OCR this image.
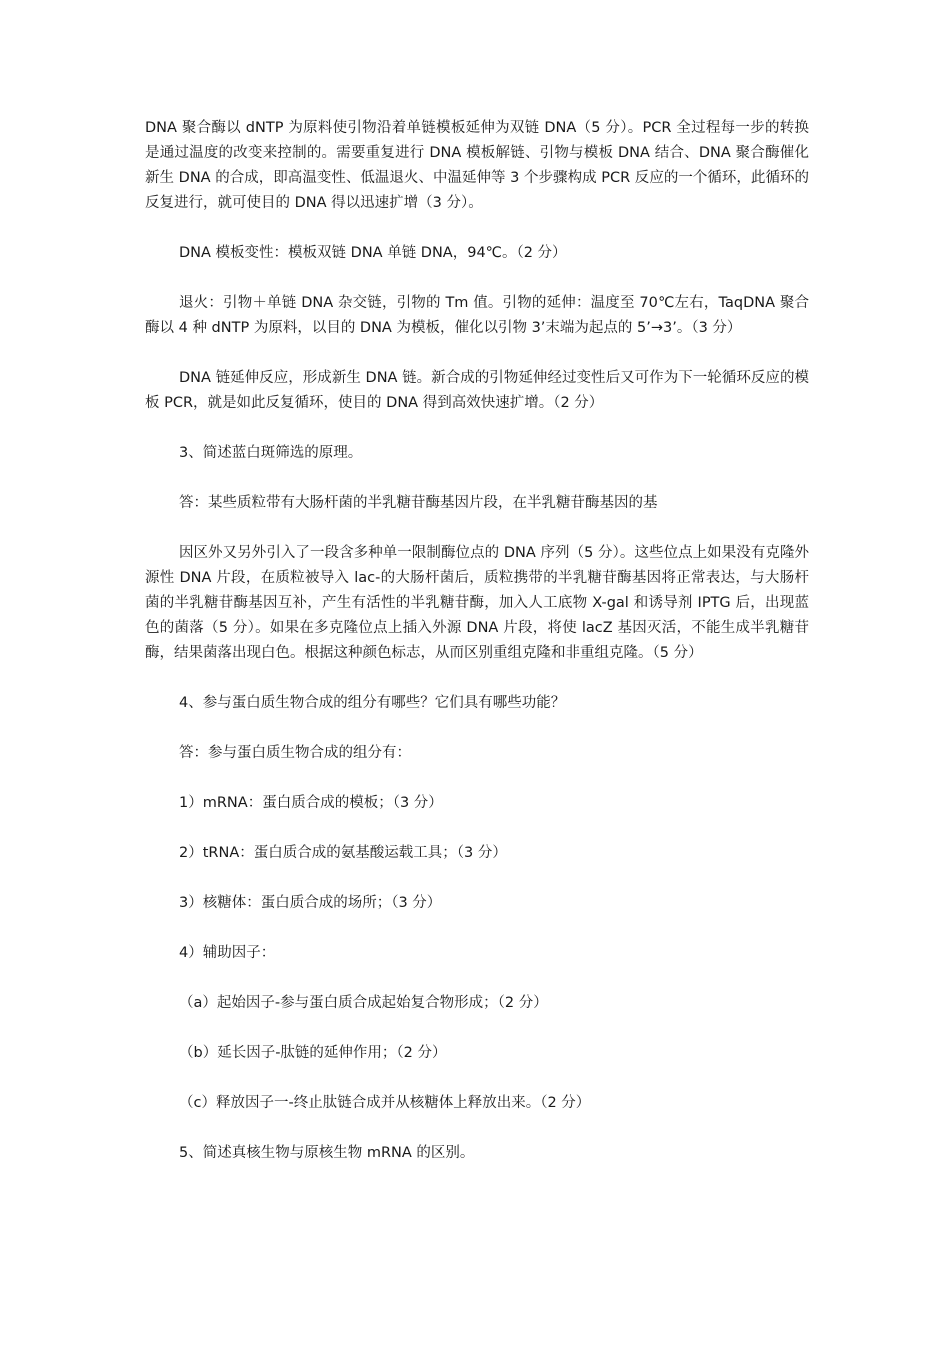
DNA 聚合酶以 dNTP 为原料使引物沿着单链模板延伸为双链 DNA（5 分）。PCR 全过程每一步的转换是通过温度的改变来控制的。需要重复进行 DNA 模板解链、引物与模板 DNA 结合、DNA 聚合酶催化新生 DNA 的合成，即高温变性、低温退火、中温延伸等 3 个步骤构成 PCR 反应的一个循环，此循环的反复进行，就可使目的 DNA 得以迅速扩增（3 分）。

DNA 模板变性：模板双链 DNA 单链 DNA，94℃。（2 分）

退火：引物＋单链 DNA 杂交链，引物的 Tm 值。引物的延伸：温度至 70℃左右，TaqDNA 聚合酶以 4 种 dNTP 为原料，以目的 DNA 为模板，催化以引物 3’末端为起点的 5’→3’。（3 分）

DNA 链延伸反应，形成新生 DNA 链。新合成的引物延伸经过变性后又可作为下一轮循环反应的模板 PCR，就是如此反复循环，使目的 DNA 得到高效快速扩增。（2 分）

3、简述蓝白斑筛选的原理。

答：某些质粒带有大肠杆菌的半乳糖苷酶基因片段，在半乳糖苷酶基因的基

因区外又另外引入了一段含多种单一限制酶位点的 DNA 序列（5 分）。这些位点上如果没有克隆外源性 DNA 片段，在质粒被导入 lac-的大肠杆菌后，质粒携带的半乳糖苷酶基因将正常表达，与大肠杆菌的半乳糖苷酶基因互补，产生有活性的半乳糖苷酶，加入人工底物 X-gal 和诱导剂 IPTG 后，出现蓝色的菌落（5 分）。如果在多克隆位点上插入外源 DNA 片段，将使 lacZ 基因灭活，不能生成半乳糖苷酶，结果菌落出现白色。根据这种颜色标志，从而区别重组克隆和非重组克隆。（5 分）

4、参与蛋白质生物合成的组分有哪些？它们具有哪些功能？

答：参与蛋白质生物合成的组分有：

1）mRNA：蛋白质合成的模板；（3 分）

2）tRNA：蛋白质合成的氨基酸运载工具；（3 分）

3）核糖体：蛋白质合成的场所；（3 分）

4）辅助因子：

（a）起始因子-参与蛋白质合成起始复合物形成；（2 分）

（b）延长因子-肽链的延伸作用；（2 分）

（c）释放因子一-终止肽链合成并从核糖体上释放出来。（2 分）

5、简述真核生物与原核生物 mRNA 的区别。
